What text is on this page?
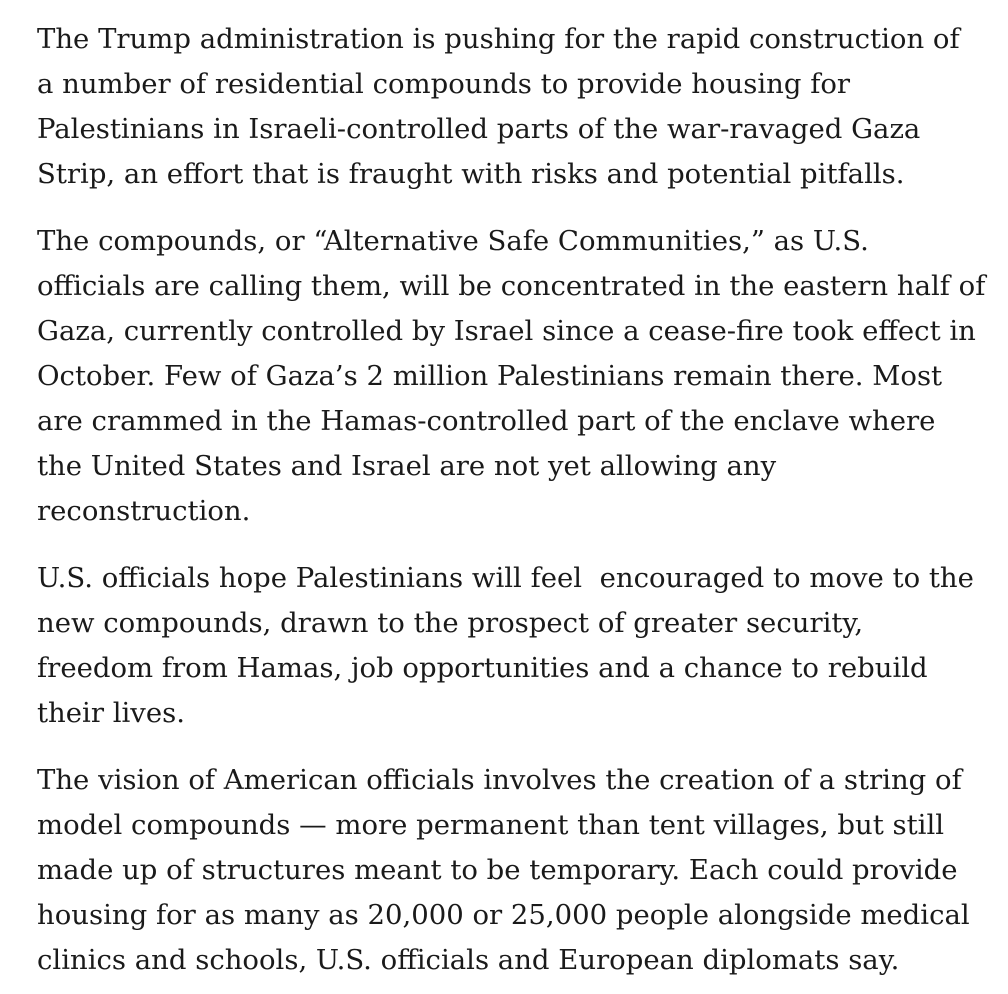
The Trump administration is pushing for the rapid construction of
a number of residential compounds to provide housing for
Palestinians in Israeli-controlled parts of the war-ravaged Gaza
Strip, an effort that is fraught with risks and potential pitfalls.

The compounds, or “Alternative Safe Communities,” as U.S.
officials are calling them, will be concentrated in the eastern half of
Gaza, currently controlled by Israel since a cease-fire took effect in
October. Few of Gaza’s 2 million Palestinians remain there. Most
are crammed in the Hamas-controlled part of the enclave where
the United States and Israel are not yet allowing any
reconstruction.

U.S. officials hope Palestinians will feel  encouraged to move to the
new compounds, drawn to the prospect of greater security,
freedom from Hamas, job opportunities and a chance to rebuild
their lives.

The vision of American officials involves the creation of a string of
model compounds — more permanent than tent villages, but still
made up of structures meant to be temporary. Each could provide
housing for as many as 20,000 or 25,000 people alongside medical
clinics and schools, U.S. officials and European diplomats say.
